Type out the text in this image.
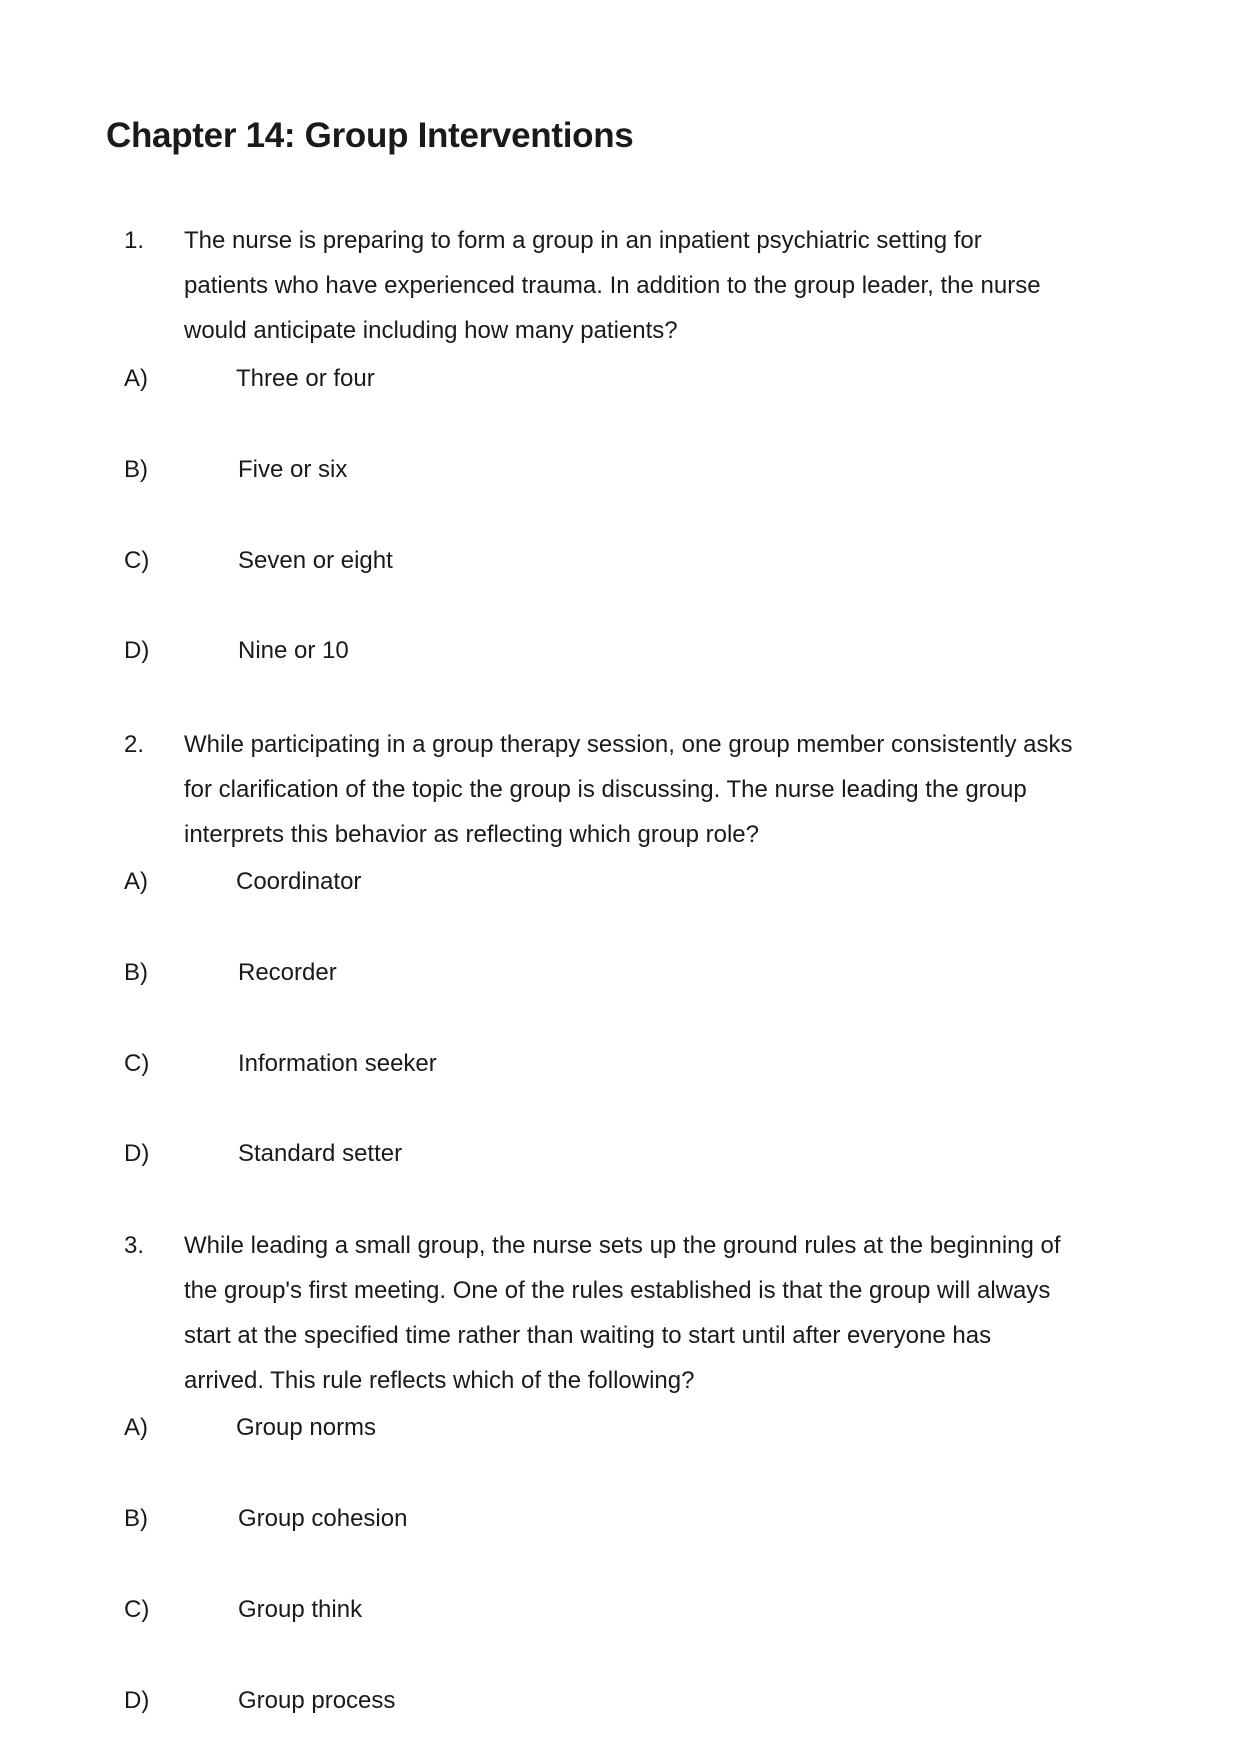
Chapter 14: Group Interventions
1. The nurse is preparing to form a group in an inpatient psychiatric setting for patients who have experienced trauma. In addition to the group leader, the nurse would anticipate including how many patients?
A)	Three or four
B)	Five or six
C)	Seven or eight
D)	Nine or 10
2. While participating in a group therapy session, one group member consistently asks for clarification of the topic the group is discussing. The nurse leading the group interprets this behavior as reflecting which group role?
A)	Coordinator
B)	Recorder
C)	Information seeker
D)	Standard setter
3. While leading a small group, the nurse sets up the ground rules at the beginning of the group's first meeting. One of the rules established is that the group will always start at the specified time rather than waiting to start until after everyone has arrived. This rule reflects which of the following?
A)	Group norms
B)	Group cohesion
C)	Group think
D)	Group process
